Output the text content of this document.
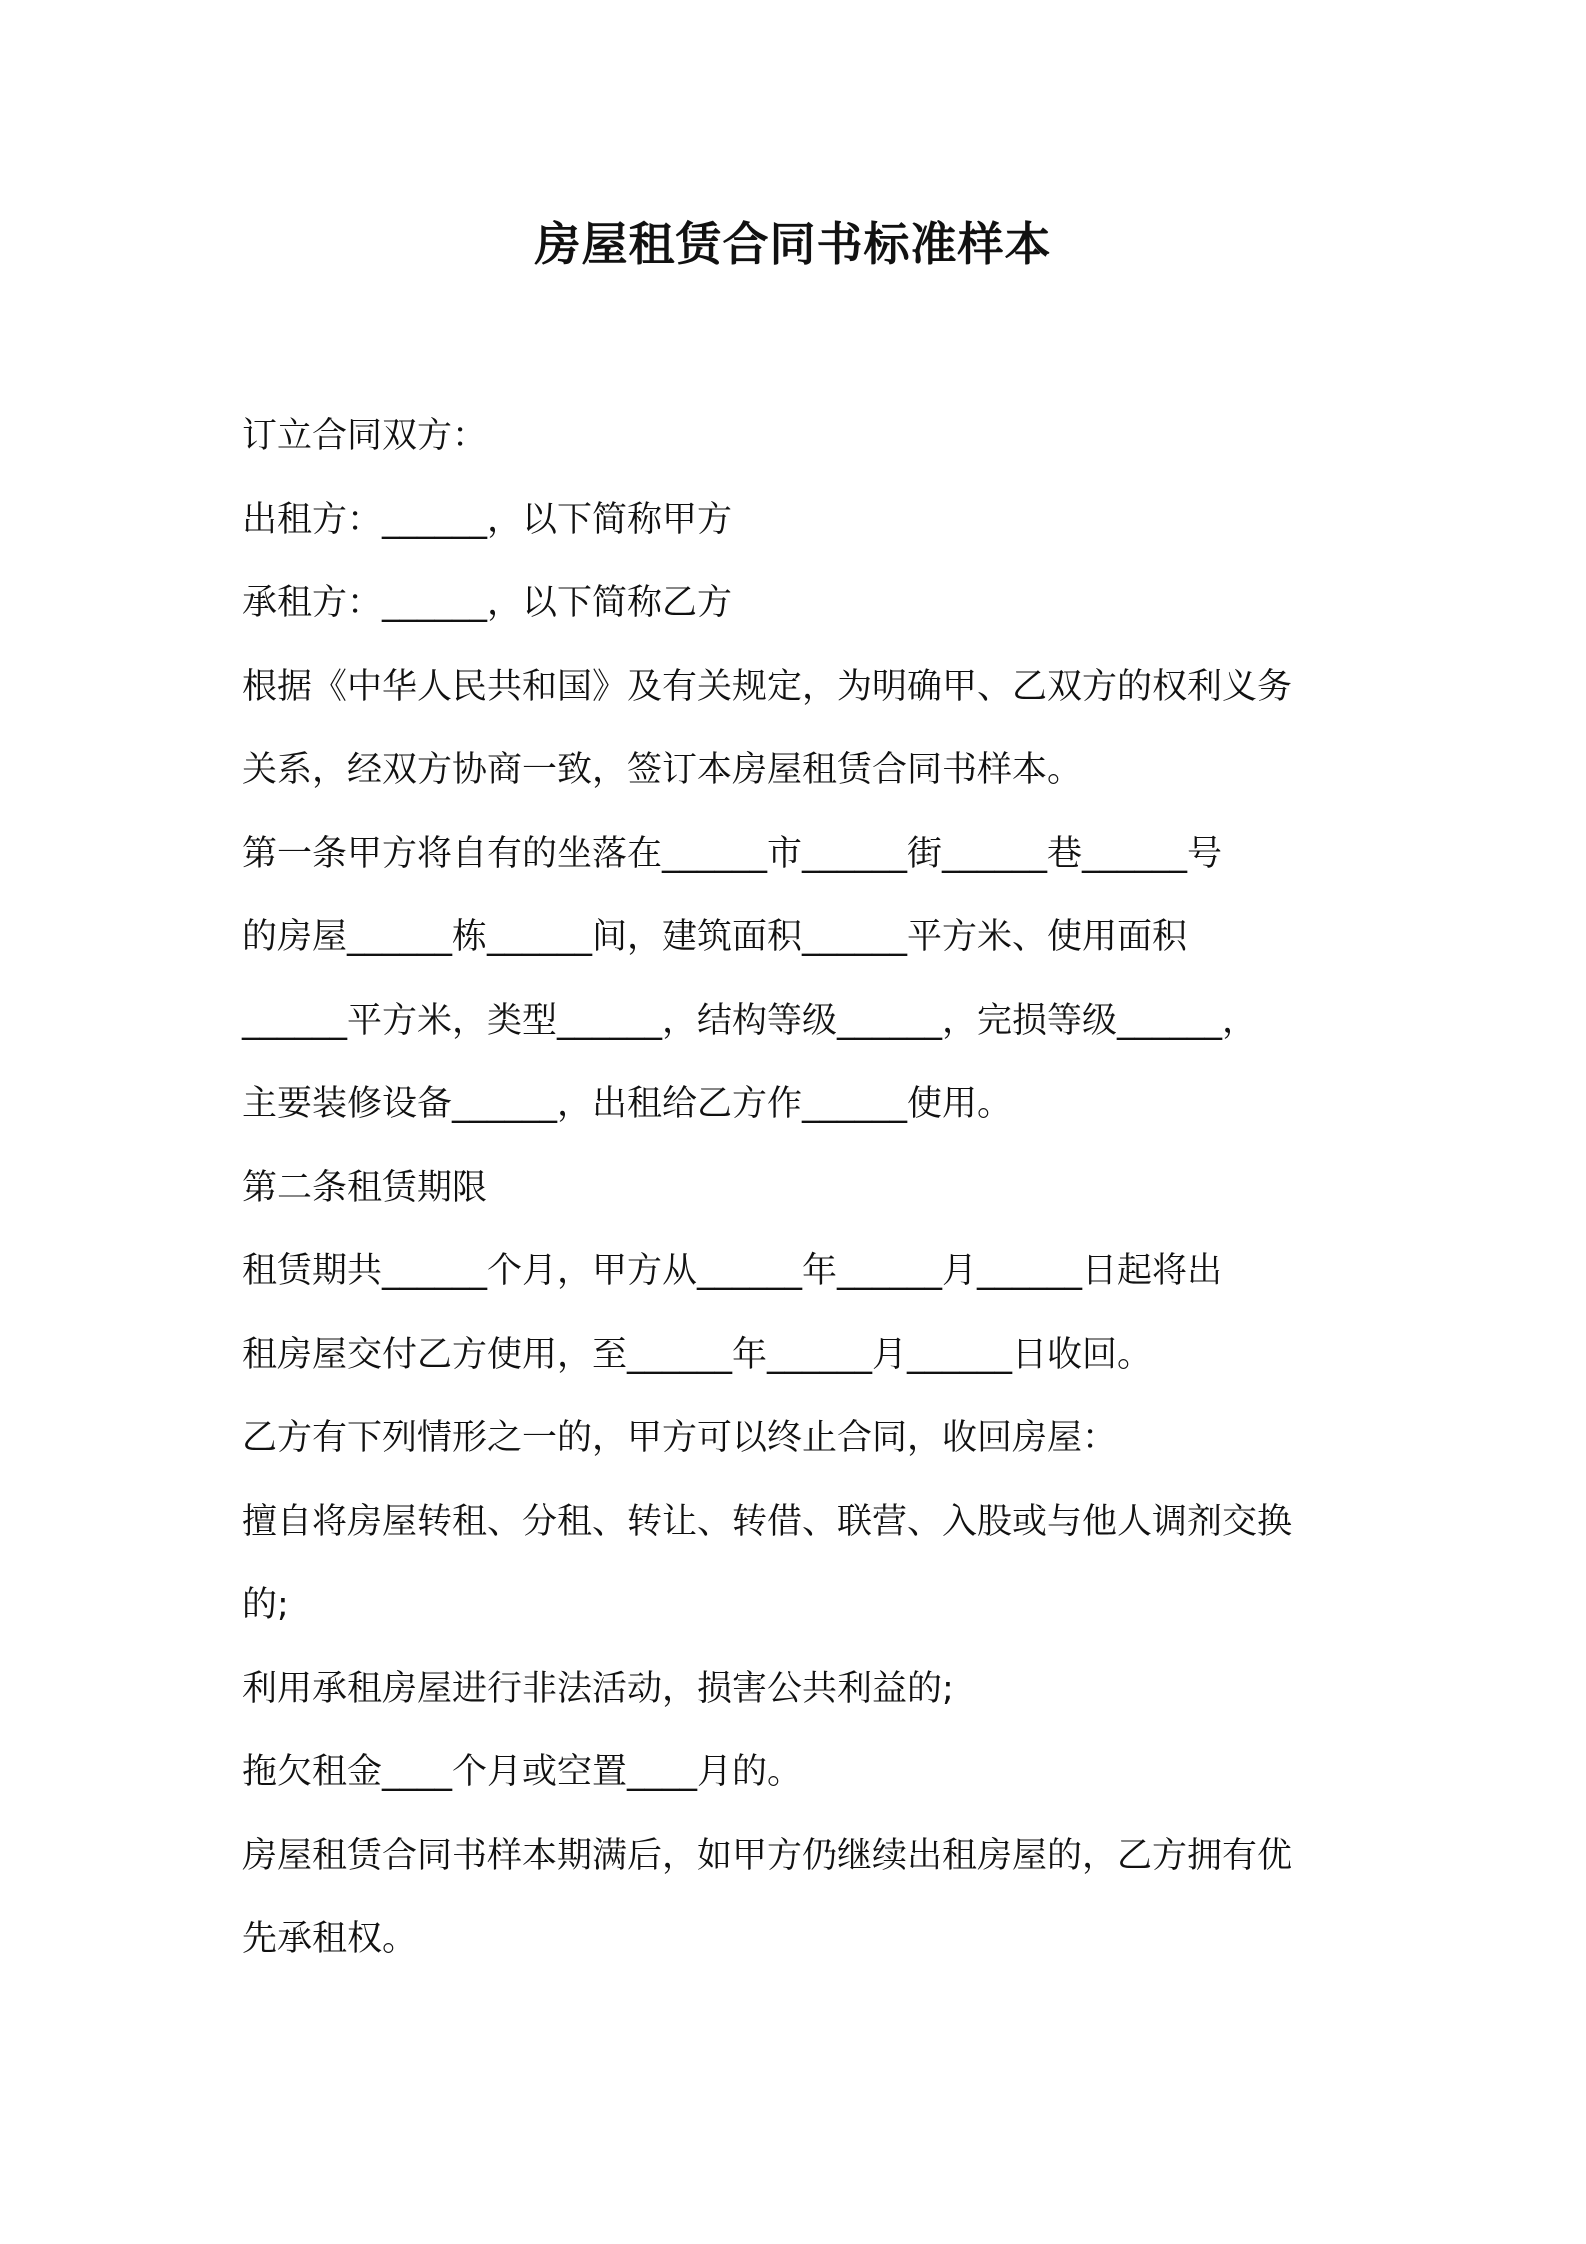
房屋租赁合同书标准样本
订立合同双方：
出租方：______，以下简称甲方
承租方：______，以下简称乙方
根据《中华人民共和国》及有关规定，为明确甲、乙双方的权利义务
关系，经双方协商一致，签订本房屋租赁合同书样本。
第一条甲方将自有的坐落在______市______街______巷______号
的房屋______栋______间，建筑面积______平方米、使用面积
______平方米，类型______，结构等级______，完损等级______，
主要装修设备______，出租给乙方作______使用。
第二条租赁期限
租赁期共______个月，甲方从______年______月______日起将出
租房屋交付乙方使用，至______年______月______日收回。
乙方有下列情形之一的，甲方可以终止合同，收回房屋：
擅自将房屋转租、分租、转让、转借、联营、入股或与他人调剂交换
的;
利用承租房屋进行非法活动，损害公共利益的;
拖欠租金____个月或空置____月的。
房屋租赁合同书样本期满后，如甲方仍继续出租房屋的，乙方拥有优
先承租权。
